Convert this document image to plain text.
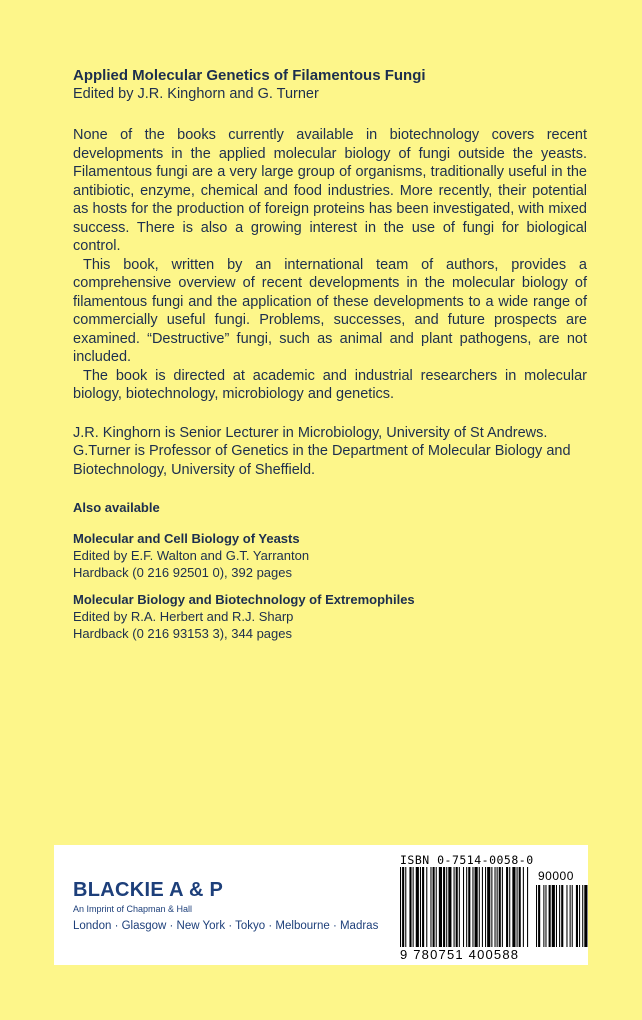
Applied Molecular Genetics of Filamentous Fungi

Edited by J.R. Kinghorn and G. Turner

None of the books currently available in biotechnology covers recent developments in the applied molecular biology of fungi outside the yeasts. Filamentous fungi are a very large group of organisms, traditionally useful in the antibiotic, enzyme, chemical and food industries. More recently, their potential as hosts for the production of foreign proteins has been investigated, with mixed success. There is also a growing interest in the use of fungi for biological control.

This book, written by an international team of authors, provides a comprehensive overview of recent developments in the molecular biology of filamentous fungi and the application of these developments to a wide range of commercially useful fungi. Problems, successes, and future prospects are examined. “Destructive” fungi, such as animal and plant pathogens, are not included.

The book is directed at academic and industrial researchers in molecular biology, biotechnology, microbiology and genetics.

J.R. Kinghorn is Senior Lecturer in Microbiology, University of St Andrews.

G.Turner is Professor of Genetics in the Department of Molecular Biology and Biotechnology, University of Sheffield.

Also available
Molecular and Cell Biology of Yeasts
Edited by E.F. Walton and G.T. Yarranton
Hardback (0 216 92501 0), 392 pages
Molecular Biology and Biotechnology of Extremophiles
Edited by R.A. Herbert and R.J. Sharp
Hardback (0 216 93153 3), 344 pages
BLACKIE A & P
An Imprint of Chapman & Hall
London · Glasgow · New York · Tokyo · Melbourne · Madras
ISBN 0-7514-0058-0
90000
9 780751 400588
